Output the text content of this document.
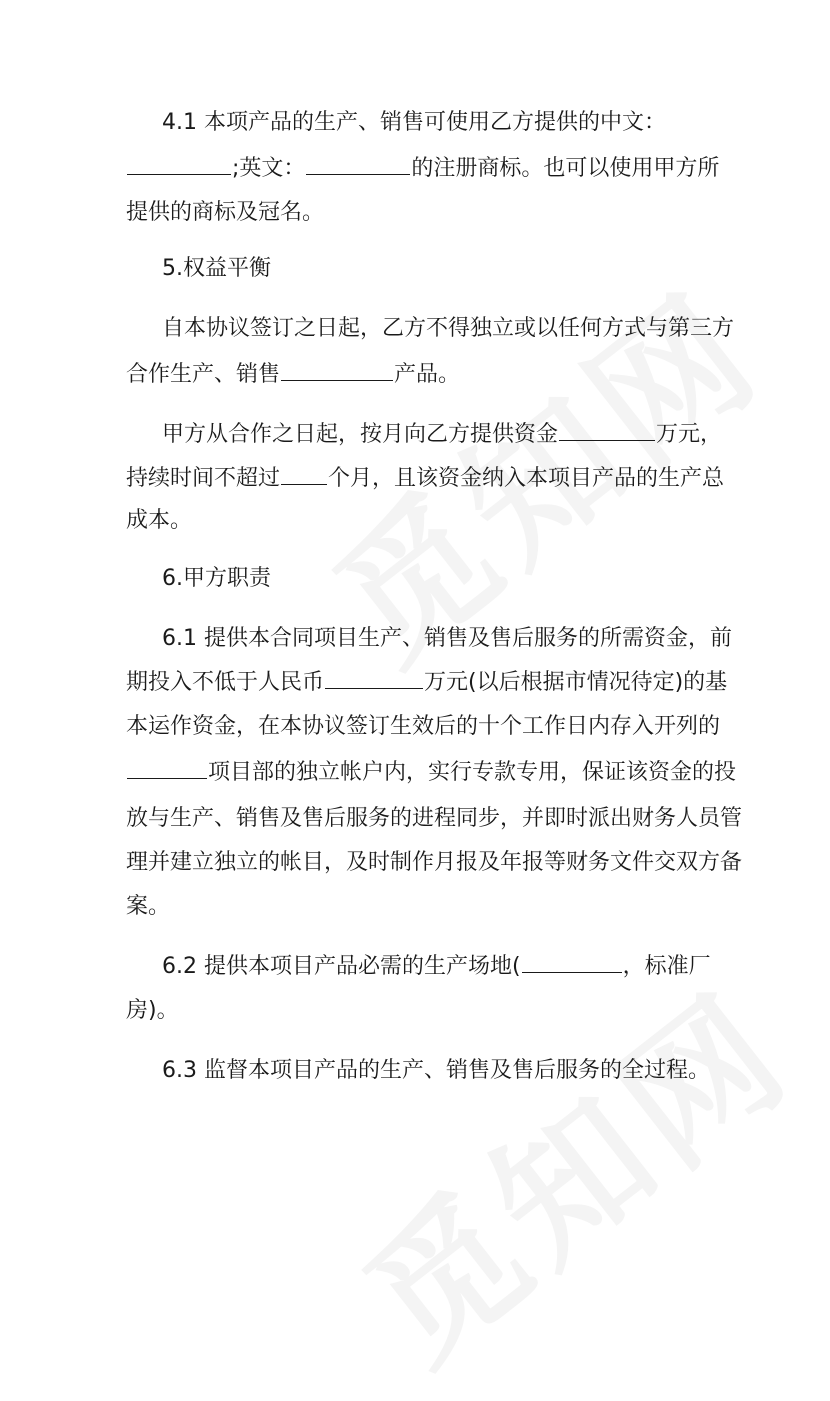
4.1 本项产品的生产、销售可使用乙方提供的中文：
;英文：	的注册商标。也可以使用甲方所
提供的商标及冠名。
5.权益平衡
自本协议签订之日起，乙方不得独立或以任何方式与第三方
合作生产、销售	产品。
甲方从合作之日起，按月向乙方提供资金	万元，
持续时间不超过 个月，且该资金纳入本项目产品的生产总
成本。
6.甲方职责
6.1 提供本合同项目生产、销售及售后服务的所需资金，前
期投入不低于人民币	万元(以后根据市情况待定)的基
本运作资金，在本协议签订生效后的十个工作日内存入开列的
项目部的独立帐户内，实行专款专用，保证该资金的投
放与生产、销售及售后服务的进程同步，并即时派出财务人员管
理并建立独立的帐目，及时制作月报及年报等财务文件交双方备
案。
6.2 提供本项目产品必需的生产场地(	，标准厂
房)。
6.3 监督本项目产品的生产、销售及售后服务的全过程。
